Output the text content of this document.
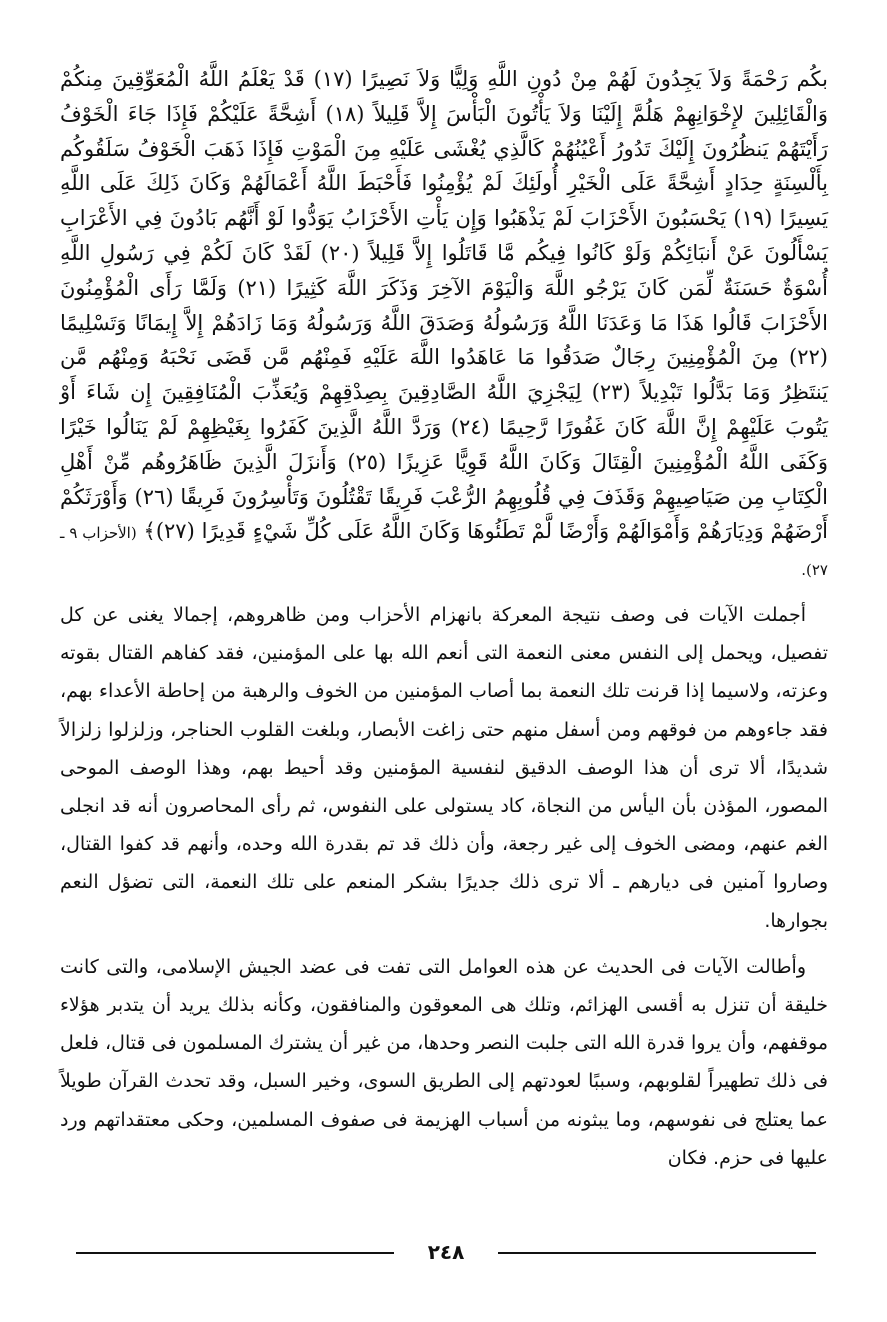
بكُم رَحْمَةً وَلاَ يَجِدُونَ لَهُمْ مِنْ دُونِ اللَّهِ وَلِيًّا وَلاَ نَصِيرًا (١٧) قَدْ يَعْلَمُ اللَّهُ الْمُعَوِّقِينَ مِنكُمْ وَالْقَائِلِينَ لإِخْوَانِهِمْ هَلُمَّ إِلَيْنَا وَلاَ يَأْتُونَ الْبَأْسَ إِلاَّ قَلِيلاً (١٨) أَشِحَّةً عَلَيْكُمْ فَإِذَا جَاءَ الْخَوْفُ رَأَيْتَهُمْ يَنظُرُونَ إِلَيْكَ تَدُورُ أَعْيُنُهُمْ كَالَّذِي يُغْشَى عَلَيْهِ مِنَ الْمَوْتِ فَإِذَا ذَهَبَ الْخَوْفُ سَلَقُوكُم بِأَلْسِنَةٍ حِدَادٍ أَشِحَّةً عَلَى الْخَيْرِ أُولَئِكَ لَمْ يُؤْمِنُوا فَأَحْبَطَ اللَّهُ أَعْمَالَهُمْ وَكَانَ ذَلِكَ عَلَى اللَّهِ يَسِيرًا (١٩) يَحْسَبُونَ الأَحْزَابَ لَمْ يَذْهَبُوا وَإِن يَأْتِ الأَحْزَابُ يَوَدُّوا لَوْ أَنَّهُم بَادُونَ فِي الأَعْرَابِ يَسْأَلُونَ عَنْ أَنبَائِكُمْ وَلَوْ كَانُوا فِيكُم مَّا قَاتَلُوا إِلاَّ قَلِيلاً (٢٠) لَقَدْ كَانَ لَكُمْ فِي رَسُولِ اللَّهِ أُسْوَةٌ حَسَنَةٌ لِّمَن كَانَ يَرْجُو اللَّهَ وَالْيَوْمَ الآخِرَ وَذَكَرَ اللَّهَ كَثِيرًا (٢١) وَلَمَّا رَأَى الْمُؤْمِنُونَ الأَحْزَابَ قَالُوا هَذَا مَا وَعَدَنَا اللَّهُ وَرَسُولُهُ وَصَدَقَ اللَّهُ وَرَسُولُهُ وَمَا زَادَهُمْ إِلاَّ إِيمَانًا وَتَسْلِيمًا (٢٢) مِنَ الْمُؤْمِنِينَ رِجَالٌ صَدَقُوا مَا عَاهَدُوا اللَّهَ عَلَيْهِ فَمِنْهُم مَّن قَضَى نَحْبَهُ وَمِنْهُم مَّن يَنتَظِرُ وَمَا بَدَّلُوا تَبْدِيلاً (٢٣) لِيَجْزِيَ اللَّهُ الصَّادِقِينَ بِصِدْقِهِمْ وَيُعَذِّبَ الْمُنَافِقِينَ إِن شَاءَ أَوْ يَتُوبَ عَلَيْهِمْ إِنَّ اللَّهَ كَانَ غَفُورًا رَّحِيمًا (٢٤) وَرَدَّ اللَّهُ الَّذِينَ كَفَرُوا بِغَيْظِهِمْ لَمْ يَنَالُوا خَيْرًا وَكَفَى اللَّهُ الْمُؤْمِنِينَ الْقِتَالَ وَكَانَ اللَّهُ قَوِيًّا عَزِيزًا (٢٥) وَأَنزَلَ الَّذِينَ ظَاهَرُوهُم مِّنْ أَهْلِ الْكِتَابِ مِن صَيَاصِيهِمْ وَقَذَفَ فِي قُلُوبِهِمُ الرُّعْبَ فَرِيقًا تَقْتُلُونَ وَتَأْسِرُونَ فَرِيقًا (٢٦) وَأَوْرَثَكُمْ أَرْضَهُمْ وَدِيَارَهُمْ وَأَمْوَالَهُمْ وَأَرْضًا لَّمْ تَطَئُوهَا وَكَانَ اللَّهُ عَلَى كُلِّ شَيْءٍ قَدِيرًا (٢٧)﴾ (الأحزاب ٩ ـ ٢٧).

أجملت الآيات فى وصف نتيجة المعركة بانهزام الأحزاب ومن ظاهروهم، إجمالا يغنى عن كل تفصيل، ويحمل إلى النفس معنى النعمة التى أنعم الله بها على المؤمنين، فقد كفاهم القتال بقوته وعزته، ولاسيما إذا قرنت تلك النعمة بما أصاب المؤمنين من الخوف والرهبة من إحاطة الأعداء بهم، فقد جاءوهم من فوقهم ومن أسفل منهم حتى زاغت الأبصار، وبلغت القلوب الحناجر، وزلزلوا زلزالاً شديدًا، ألا ترى أن هذا الوصف الدقيق لنفسية المؤمنين وقد أحيط بهم، وهذا الوصف الموحى المصور، المؤذن بأن اليأس من النجاة، كاد يستولى على النفوس، ثم رأى المحاصرون أنه قد انجلى الغم عنهم، ومضى الخوف إلى غير رجعة، وأن ذلك قد تم بقدرة الله وحده، وأنهم قد كفوا القتال، وصاروا آمنين فى ديارهم ـ ألا ترى ذلك جديرًا بشكر المنعم على تلك النعمة، التى تضؤل النعم بجوارها.

وأطالت الآيات فى الحديث عن هذه العوامل التى تفت فى عضد الجيش الإسلامى، والتى كانت خليقة أن تنزل به أقسى الهزائم، وتلك هى المعوقون والمنافقون، وكأنه بذلك يريد أن يتدبر هؤلاء موقفهم، وأن يروا قدرة الله التى جلبت النصر وحدها، من غير أن يشترك المسلمون فى قتال، فلعل فى ذلك تطهيراً لقلوبهم، وسببًا لعودتهم إلى الطريق السوى، وخير السبل، وقد تحدث القرآن طويلاً عما يعتلج فى نفوسهم، وما يبثونه من أسباب الهزيمة فى صفوف المسلمين، وحكى معتقداتهم ورد عليها فى حزم. فكان

٢٤٨
